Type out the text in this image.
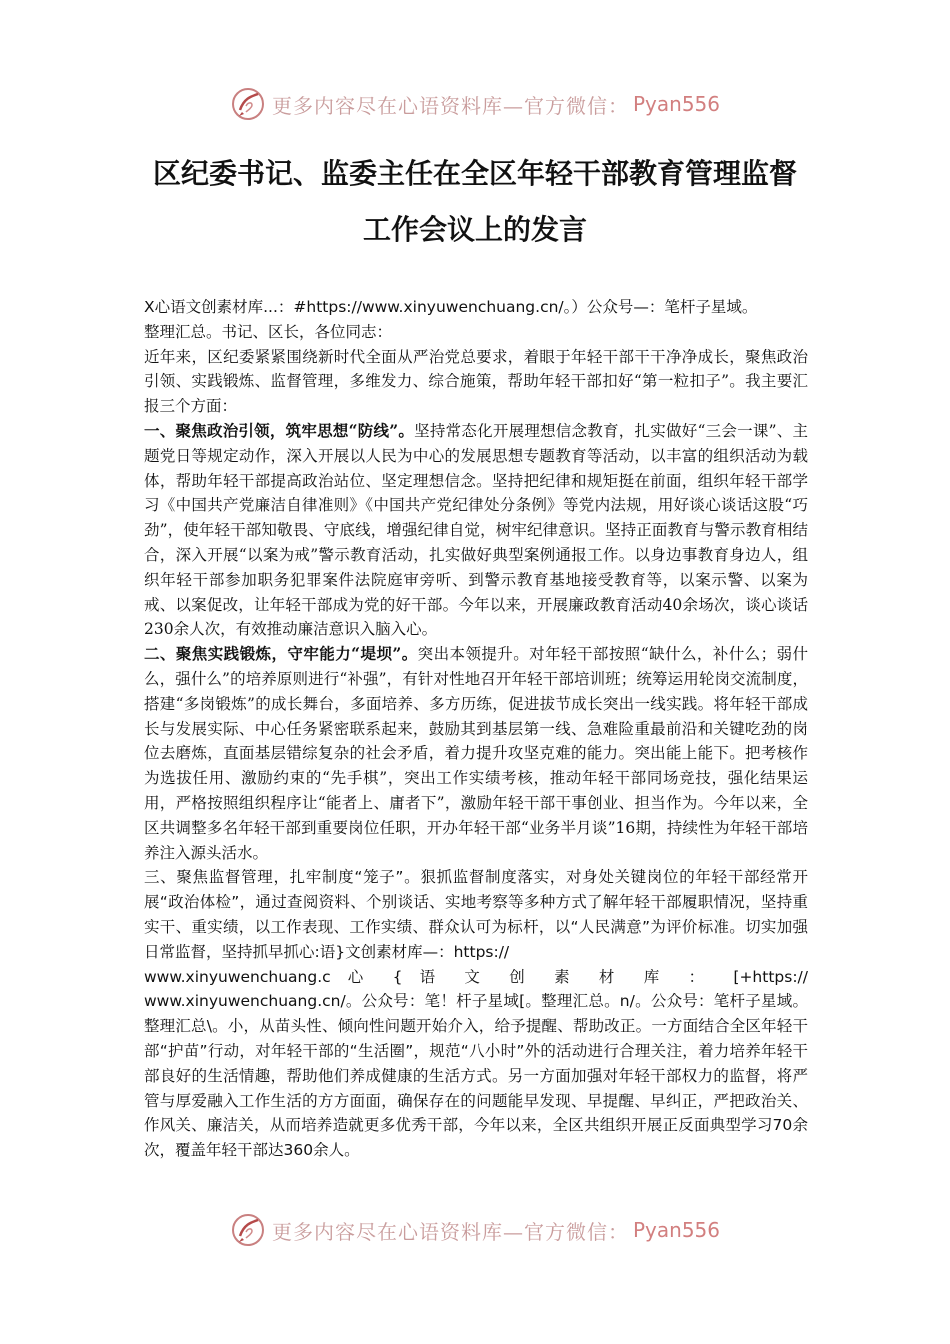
更多内容尽在心语资料库—官方微信： Pyan556
区纪委书记、监委主任在全区年轻干部教育管理监督
工作会议上的发言

X心语文创素材库...：#https://www.xinyuwenchuang.cn/。）公众号—：笔杆子星域。

整理汇总。书记、区长，各位同志：

近年来，区纪委紧紧围绕新时代全面从严治党总要求，着眼于年轻干部干干净净成长，聚焦政治引领、实践锻炼、监督管理，多维发力、综合施策，帮助年轻干部扣好“第一粒扣子”。我主要汇报三个方面：

一、聚焦政治引领，筑牢思想“防线”。坚持常态化开展理想信念教育，扎实做好“三会一课”、主题党日等规定动作，深入开展以人民为中心的发展思想专题教育等活动，以丰富的组织活动为载体，帮助年轻干部提高政治站位、坚定理想信念。坚持把纪律和规矩挺在前面，组织年轻干部学习《中国共产党廉洁自律准则》《中国共产党纪律处分条例》等党内法规，用好谈心谈话这股“巧劲”，使年轻干部知敬畏、守底线，增强纪律自觉，树牢纪律意识。坚持正面教育与警示教育相结合，深入开展“以案为戒”警示教育活动，扎实做好典型案例通报工作。以身边事教育身边人，组织年轻干部参加职务犯罪案件法院庭审旁听、到警示教育基地接受教育等，以案示警、以案为戒、以案促改，让年轻干部成为党的好干部。今年以来，开展廉政教育活动40余场次，谈心谈话230余人次，有效推动廉洁意识入脑入心。

二、聚焦实践锻炼，守牢能力“堤坝”。突出本领提升。对年轻干部按照“缺什么，补什么；弱什么，强什么”的培养原则进行“补强”，有针对性地召开年轻干部培训班；统筹运用轮岗交流制度，搭建“多岗锻炼”的成长舞台，多面培养、多方历练，促进拔节成长突出一线实践。将年轻干部成长与发展实际、中心任务紧密联系起来，鼓励其到基层第一线、急难险重最前沿和关键吃劲的岗位去磨炼，直面基层错综复杂的社会矛盾，着力提升攻坚克难的能力。突出能上能下。把考核作为选拔任用、激励约束的“先手棋”，突出工作实绩考核，推动年轻干部同场竞技，强化结果运用，严格按照组织程序让“能者上、庸者下”，激励年轻干部干事创业、担当作为。今年以来，全区共调整多名年轻干部到重要岗位任职，开办年轻干部“业务半月谈”16期，持续性为年轻干部培养注入源头活水。

三、聚焦监督管理，扎牢制度“笼子”。狠抓监督制度落实，对身处关键岗位的年轻干部经常开展“政治体检”，通过查阅资料、个别谈话、实地考察等多种方式了解年轻干部履职情况，坚持重实干、重实绩，以工作表现、工作实绩、群众认可为标杆，以“人民满意”为评价标准。切实加强日常监督，坚持抓早抓心:语}文创素材库—：https://

www.xinyuwenchuang.c 心 { 语 文 创 素 材 库 ： [+https://

www.xinyuwenchuang.cn/。公众号：笔！杆子星域[。整理汇总。n/。公众号：笔杆子星域。整理汇总\。小，从苗头性、倾向性问题开始介入，给予提醒、帮助改正。一方面结合全区年轻干部“护苗”行动，对年轻干部的“生活圈”，规范“八小时”外的活动进行合理关注，着力培养年轻干部良好的生活情趣，帮助他们养成健康的生活方式。另一方面加强对年轻干部权力的监督，将严管与厚爱融入工作生活的方方面面，确保存在的问题能早发现、早提醒、早纠正，严把政治关、作风关、廉洁关，从而培养造就更多优秀干部，今年以来，全区共组织开展正反面典型学习70余次，覆盖年轻干部达360余人。

更多内容尽在心语资料库—官方微信： Pyan556
